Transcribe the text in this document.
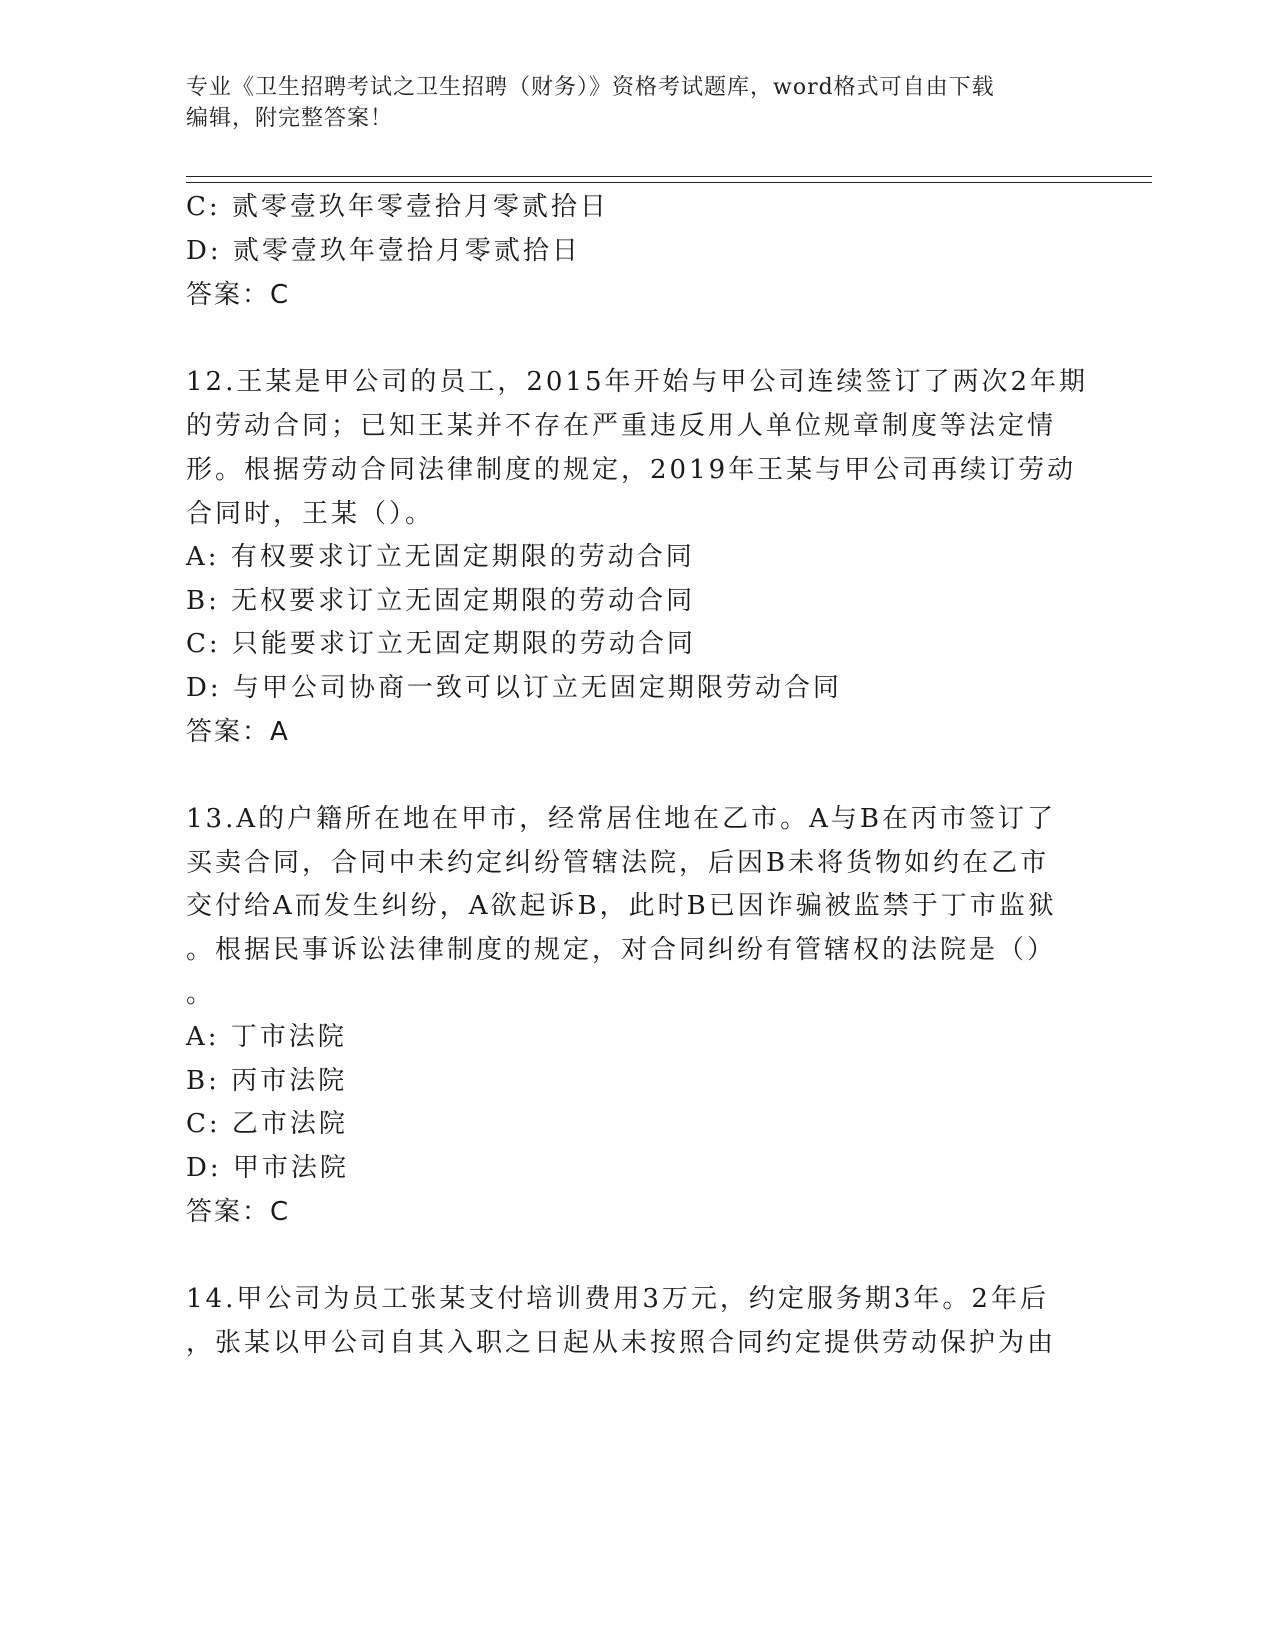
专业《卫生招聘考试之卫生招聘（财务）》资格考试题库，word格式可自由下载
编辑，附完整答案！
C: 贰零壹玖年零壹拾月零贰拾日
D: 贰零壹玖年壹拾月零贰拾日
答案：C
12.王某是甲公司的员工，2015年开始与甲公司连续签订了两次2年期
的劳动合同；已知王某并不存在严重违反用人单位规章制度等法定情
形。根据劳动合同法律制度的规定，2019年王某与甲公司再续订劳动
合同时，王某（）。
A: 有权要求订立无固定期限的劳动合同
B: 无权要求订立无固定期限的劳动合同
C: 只能要求订立无固定期限的劳动合同
D: 与甲公司协商一致可以订立无固定期限劳动合同
答案：A
13.A的户籍所在地在甲市，经常居住地在乙市。A与B在丙市签订了
买卖合同，合同中未约定纠纷管辖法院，后因B未将货物如约在乙市
交付给A而发生纠纷，A欲起诉B，此时B已因诈骗被监禁于丁市监狱
。根据民事诉讼法律制度的规定，对合同纠纷有管辖权的法院是（）
。
A: 丁市法院
B: 丙市法院
C: 乙市法院
D: 甲市法院
答案：C
14.甲公司为员工张某支付培训费用3万元，约定服务期3年。2年后
，张某以甲公司自其入职之日起从未按照合同约定提供劳动保护为由
